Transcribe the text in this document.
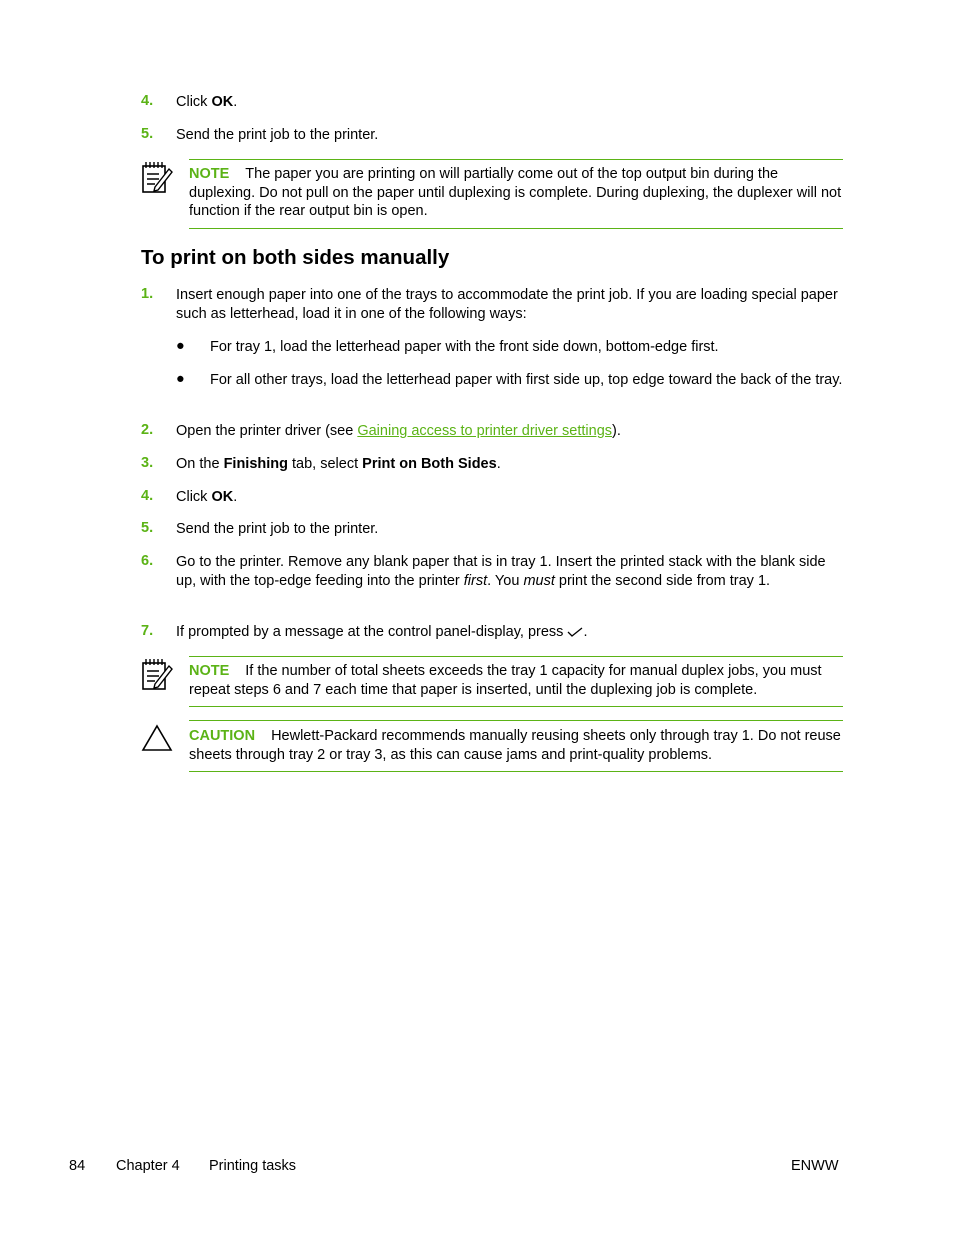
4. Click OK.
5. Send the print job to the printer.
NOTE The paper you are printing on will partially come out of the top output bin during the duplexing. Do not pull on the paper until duplexing is complete. During duplexing, the duplexer will not function if the rear output bin is open.
To print on both sides manually
1. Insert enough paper into one of the trays to accommodate the print job. If you are loading special paper such as letterhead, load it in one of the following ways:
● For tray 1, load the letterhead paper with the front side down, bottom-edge first.
● For all other trays, load the letterhead paper with first side up, top edge toward the back of the tray.
2. Open the printer driver (see Gaining access to printer driver settings).
3. On the Finishing tab, select Print on Both Sides.
4. Click OK.
5. Send the print job to the printer.
6. Go to the printer. Remove any blank paper that is in tray 1. Insert the printed stack with the blank side up, with the top-edge feeding into the printer first. You must print the second side from tray 1.
7. If prompted by a message at the control panel-display, press .
NOTE If the number of total sheets exceeds the tray 1 capacity for manual duplex jobs, you must repeat steps 6 and 7 each time that paper is inserted, until the duplexing job is complete.
CAUTION Hewlett-Packard recommends manually reusing sheets only through tray 1. Do not reuse sheets through tray 2 or tray 3, as this can cause jams and print-quality problems.
84 Chapter 4 Printing tasks	ENWW
